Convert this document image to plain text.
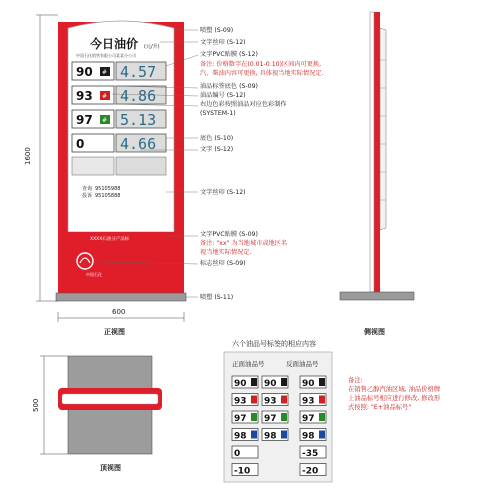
今日油价 (元/升)
中国石化销售有限公司某某分公司
90 # 4.57
93 # 4.86
97 # 5.13
0 4.66
查询 95105988
投诉 95105888
XXXX石油分产品标
中国石化
1600
600
正视图
喷塑 (S-09)
文字丝印 (S-12)
文字PVC贴膜 (S-12)
备注: 价格数字在(0.01-0.10)区间内可更换,
汽、柴油内容可更换, 具体视当地实际情况定.
油品标签底色 (S-09)
油品编号 (S-12)
右边色彩按照油品对应色彩制作
(SYSTEM-1)
底色 (S-10)
文字 (S-12)
文字丝印 (S-12)
文字PVC贴膜 (S-09)
备注: "xx" 为当地城市或地区名
视当地实际情况定.
标志丝印 (S-09)
喷塑 (S-11)
侧视图
500
顶视图
六个油品号标签的相应内容
正面油品号	反面油品号
90
93
97
98
0
-10
90
93
97
98
-35
-20
90
93
97
98
备注:
在销售乙醇汽油区域, 油品价格牌
上油品标号相应进行修改, 修改形
式按照: "E+油品标号"
